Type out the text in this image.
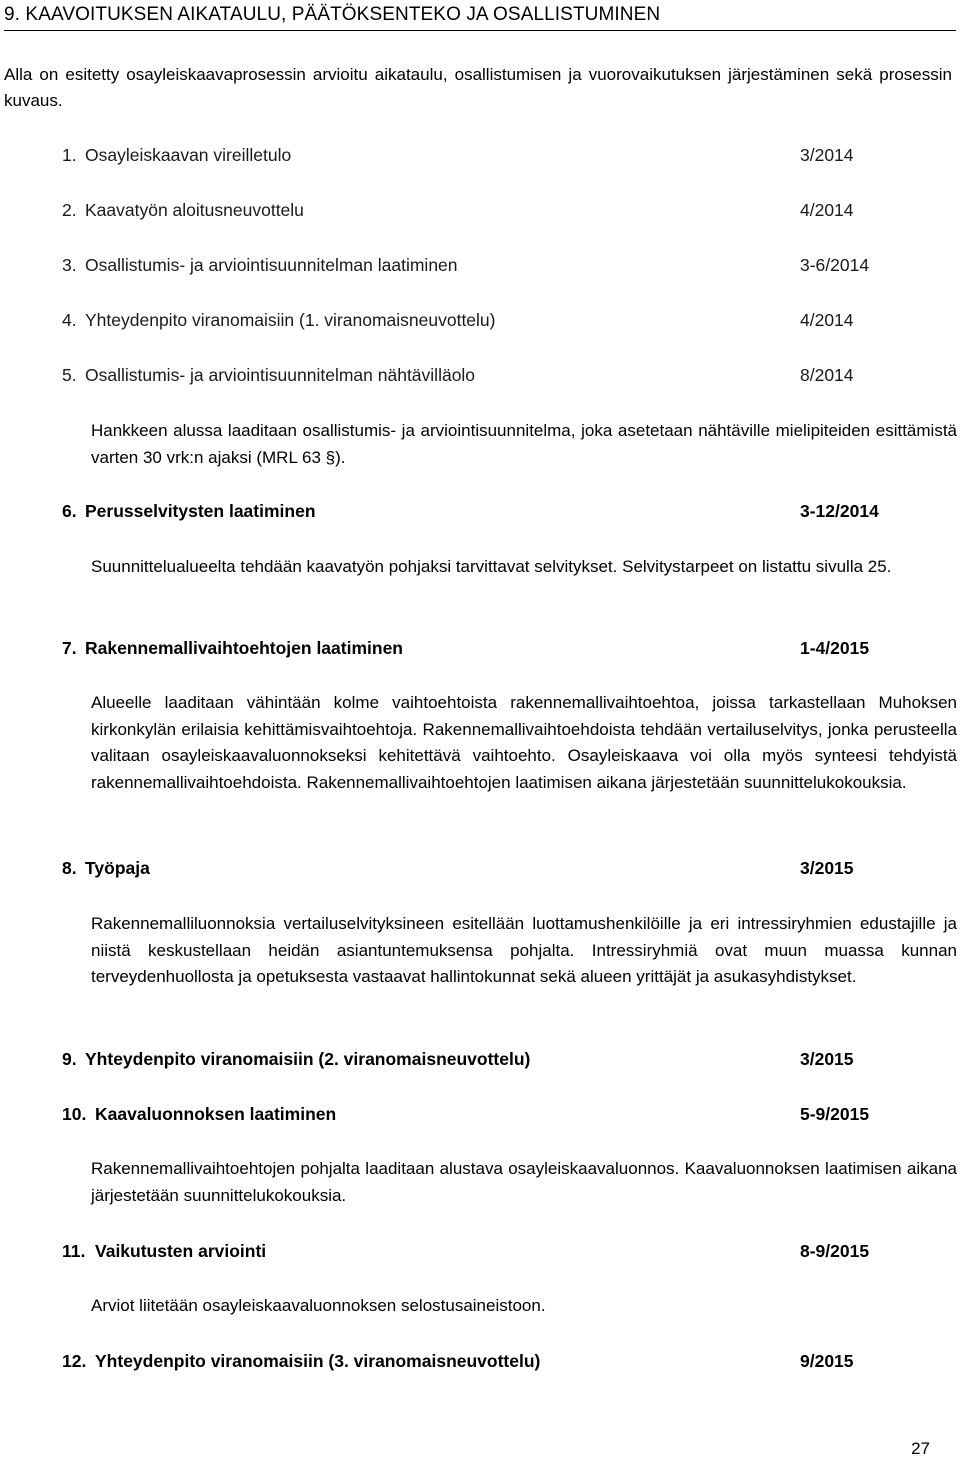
9. KAAVOITUKSEN AIKATAULU, PÄÄTÖKSENTEKO JA OSALLISTUMINEN
Alla on esitetty osayleiskaavaprosessin arvioitu aikataulu, osallistumisen ja vuorovaikutuksen järjestäminen sekä prosessin kuvaus.
1. Osayleiskaavan vireilletulo	3/2014
2. Kaavatyön aloitusneuvottelu	4/2014
3. Osallistumis- ja arviointisuunnitelman laatiminen	3-6/2014
4. Yhteydenpito viranomaisiin (1. viranomaisneuvottelu)	4/2014
5. Osallistumis- ja arviointisuunnitelman nähtävilläolo	8/2014
Hankkeen alussa laaditaan osallistumis- ja arviointisuunnitelma, joka asetetaan nähtäville mielipiteiden esittämistä varten 30 vrk:n ajaksi (MRL 63 §).
6. Perusselvitysten laatiminen	3-12/2014
Suunnittelualueelta tehdään kaavatyön pohjaksi tarvittavat selvitykset. Selvitystarpeet on listattu sivulla 25.
7. Rakennemallivaihtoehtojen laatiminen	1-4/2015
Alueelle laaditaan vähintään kolme vaihtoehtoista rakennemallivaihtoehtoa, joissa tarkastellaan Muhoksen kirkonkylän erilaisia kehittämisvaihtoehtoja. Rakennemallivaihtoehdoista tehdään vertailuselvitys, jonka perusteella valitaan osayleiskaavaluonnokseksi kehitettävä vaihtoehto. Osayleiskaava voi olla myös synteesi tehdyistä rakennemallivaihtoehdoista. Rakennemallivaihtoehtojen laatimisen aikana järjestetään suunnittelukokouksia.
8. Työpaja	3/2015
Rakennemalliluonnoksia vertailuselvityksineen esitellään luottamushenkilöille ja eri intressiryhmien edustajille ja niistä keskustellaan heidän asiantuntemuksensa pohjalta. Intressiryhmiä ovat muun muassa kunnan terveydenhuollosta ja opetuksesta vastaavat hallintokunnat sekä alueen yrittäjät ja asukasyhdistykset.
9. Yhteydenpito viranomaisiin (2. viranomaisneuvottelu)	3/2015
10. Kaavaluonnoksen laatiminen	5-9/2015
Rakennemallivaihtoehtojen pohjalta laaditaan alustava osayleiskaavaluonnos. Kaavaluonnoksen laatimisen aikana järjestetään suunnittelukokouksia.
11. Vaikutusten arviointi	8-9/2015
Arviot liitetään osayleiskaavaluonnoksen selostusaineistoon.
12. Yhteydenpito viranomaisiin (3. viranomaisneuvottelu)	9/2015
27
